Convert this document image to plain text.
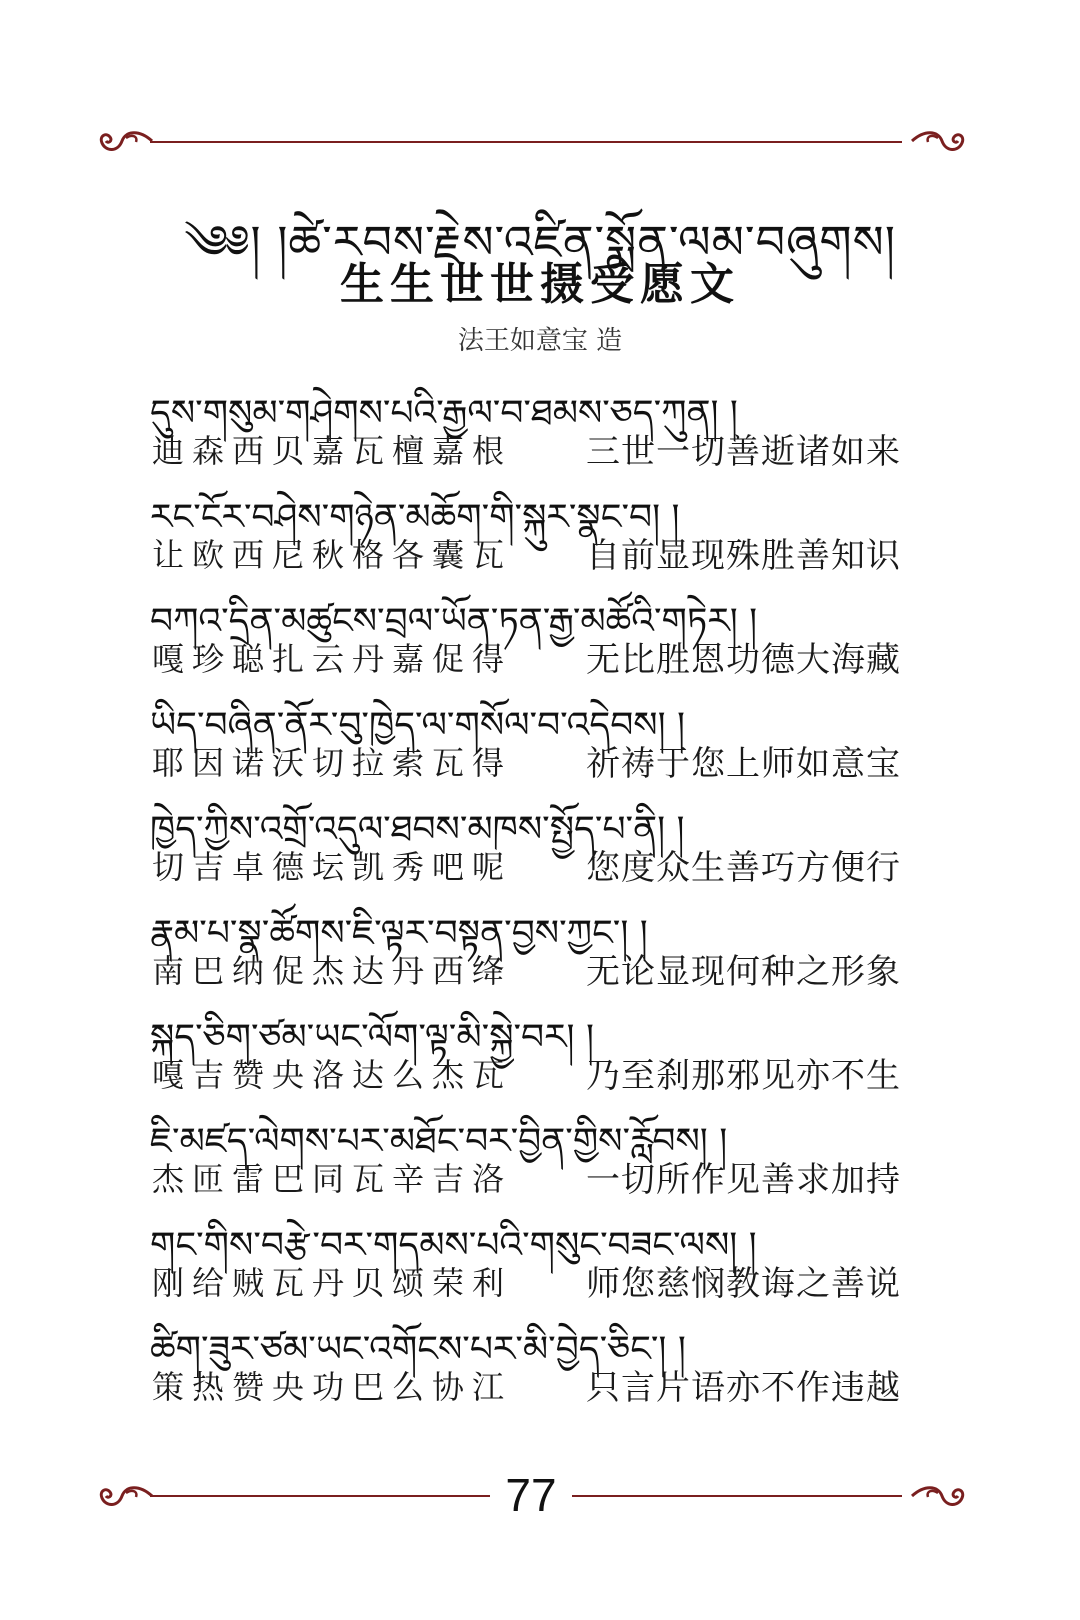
༄༅། །ཚེ་རབས་རྗེས་འཛིན་སྨོན་ལམ་བཞུགས།
生生世世摄受愿文
法王如意宝 造
དུས་གསུམ་གཤེགས་པའི་རྒྱལ་བ་ཐམས་ཅད་ཀུན། །
迪森西贝嘉瓦檀嘉根 三世一切善逝诸如来
རང་ངོར་བཤེས་གཉེན་མཆོག་གི་སྐུར་སྣང་བ། །
让欧西尼秋格各囊瓦 自前显现殊胜善知识
བཀའ་དྲིན་མཚུངས་བྲལ་ཡོན་ཏན་རྒྱ་མཚོའི་གཏེར། །
嘎珍聪扎云丹嘉促得 无比胜恩功德大海藏
ཡིད་བཞིན་ནོར་བུ་ཁྱེད་ལ་གསོལ་བ་འདེབས། །
耶因诺沃切拉索瓦得 祈祷于您上师如意宝
ཁྱེད་ཀྱིས་འགྲོ་འདུལ་ཐབས་མཁས་སྤྱོད་པ་ནི། །
切吉卓德坛凯秀吧呢 您度众生善巧方便行
རྣམ་པ་སྣ་ཚོགས་ཇི་ལྟར་བསྟན་བྱས་ཀྱང་། །
南巴纳促杰达丹西绛 无论显现何种之形象
སྐད་ཅིག་ཙམ་ཡང་ལོག་ལྟ་མི་སྐྱེ་བར། །
嘎吉赞央洛达么杰瓦 乃至刹那邪见亦不生
ཇི་མཛད་ལེགས་པར་མཐོང་བར་བྱིན་གྱིས་རློབས། །
杰匝雷巴同瓦辛吉洛 一切所作见善求加持
གང་གིས་བརྩེ་བར་གདམས་པའི་གསུང་བཟང་ལས། །
刚给贼瓦丹贝颂荣利 师您慈悯教诲之善说
ཚིག་ཟུར་ཙམ་ཡང་འགོངས་པར་མི་བྱེད་ཅིང་། །
策热赞央功巴么协江 只言片语亦不作违越
77
